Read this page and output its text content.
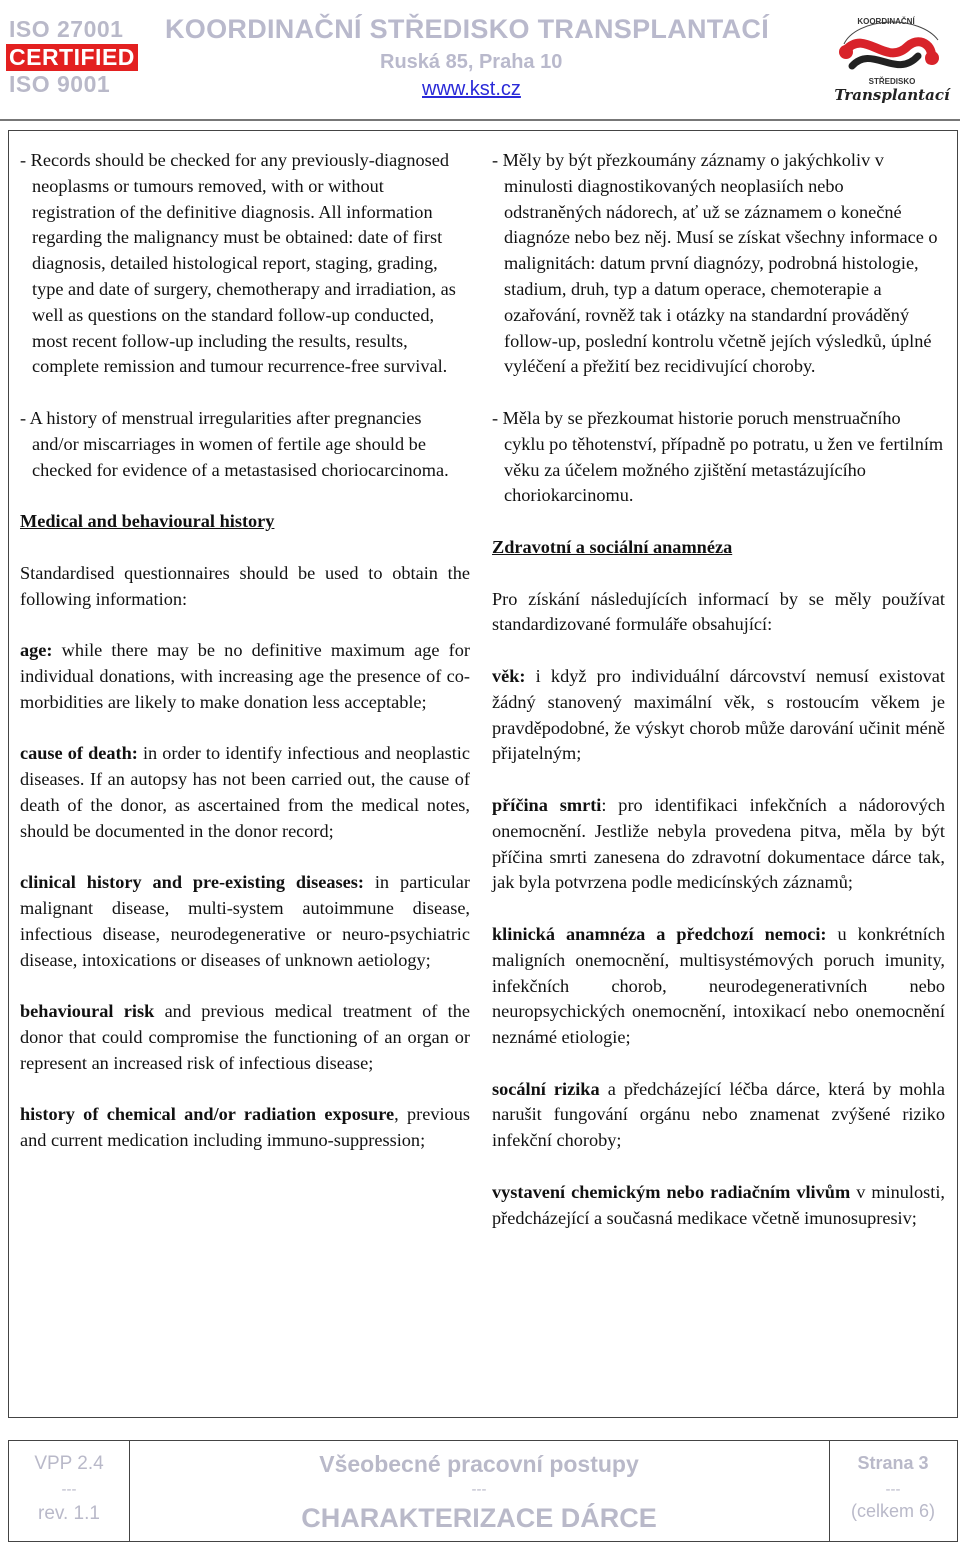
ISO 27001
CERTIFIED
ISO 9001
KOORDINAČNÍ STŘEDISKO TRANSPLANTACÍ
Ruská 85, Praha 10
www.kst.cz
KOORDINAČNÍ
STŘEDISKO
Transplantací

- Records should be checked for any previously-diagnosed neoplasms or tumours removed, with or without registration of the definitive diagnosis. All information regarding the malignancy must be obtained: date of first diagnosis, detailed histological report, staging, grading, type and date of surgery, chemotherapy and irradiation, as well as questions on the standard follow-up conducted, most recent follow-up including the results, results, complete remission and tumour recurrence-free survival.

- A history of menstrual irregularities after pregnancies and/or miscarriages in women of fertile age should be checked for evidence of a metastasised choriocarcinoma.

Medical and behavioural history

Standardised questionnaires should be used to obtain the following information:

age: while there may be no definitive maximum age for individual donations, with increasing age the presence of co-morbidities are likely to make donation less acceptable;

cause of death: in order to identify infectious and neoplastic diseases. If an autopsy has not been carried out, the cause of death of the donor, as ascertained from the medical notes, should be documented in the donor record;

clinical history and pre-existing diseases: in particular malignant disease, multi-system autoimmune disease, infectious disease, neurodegenerative or neuro-psychiatric disease, intoxications or diseases of unknown aetiology;

behavioural risk and previous medical treatment of the donor that could compromise the functioning of an organ or represent an increased risk of infectious disease;

history of chemical and/or radiation exposure, previous and current medication including immuno-suppression;

- Měly by být přezkoumány záznamy o jakýchkoliv v minulosti diagnostikovaných neoplasiích nebo odstraněných nádorech, ať už se záznamem o konečné diagnóze nebo bez něj. Musí se získat všechny informace o malignitách: datum první diagnózy, podrobná histologie, stadium, druh, typ a datum operace, chemoterapie a ozařování, rovněž tak i otázky na standardní prováděný follow-up, poslední kontrolu včetně jejích výsledků, úplné vyléčení a přežití bez recidivující choroby.

- Měla by se přezkoumat historie poruch menstruačního cyklu po těhotenství, případně po potratu, u žen ve fertilním věku za účelem možného zjištění metastázujícího choriokarcinomu.

Zdravotní a sociální anamnéza

Pro získání následujících informací by se měly používat standardizované formuláře obsahující:

věk: i když pro individuální dárcovství nemusí existovat žádný stanovený maximální věk, s rostoucím věkem je pravděpodobné, že výskyt chorob může darování učinit méně přijatelným;

příčina smrti: pro identifikaci infekčních a nádorových onemocnění. Jestliže nebyla provedena pitva, měla by být příčina smrti zanesena do zdravotní dokumentace dárce tak, jak byla potvrzena podle medicínských záznamů;

klinická anamnéza a předchozí nemoci: u konkrétních maligních onemocnění, multisystémových poruch imunity, infekčních chorob, neurodegenerativních nebo neuropsychických onemocnění, intoxikací nebo onemocnění neznámé etiologie;

socální rizika a předcházející léčba dárce, která by mohla narušit fungování orgánu nebo znamenat zvýšené riziko infekční choroby;

vystavení chemickým nebo radiačním vlivům v minulosti, předcházející a současná medikace včetně imunosupresiv;

VPP 2.4
---
rev. 1.1
Všeobecné pracovní postupy
---
CHARAKTERIZACE DÁRCE
Strana 3
---
(celkem 6)
